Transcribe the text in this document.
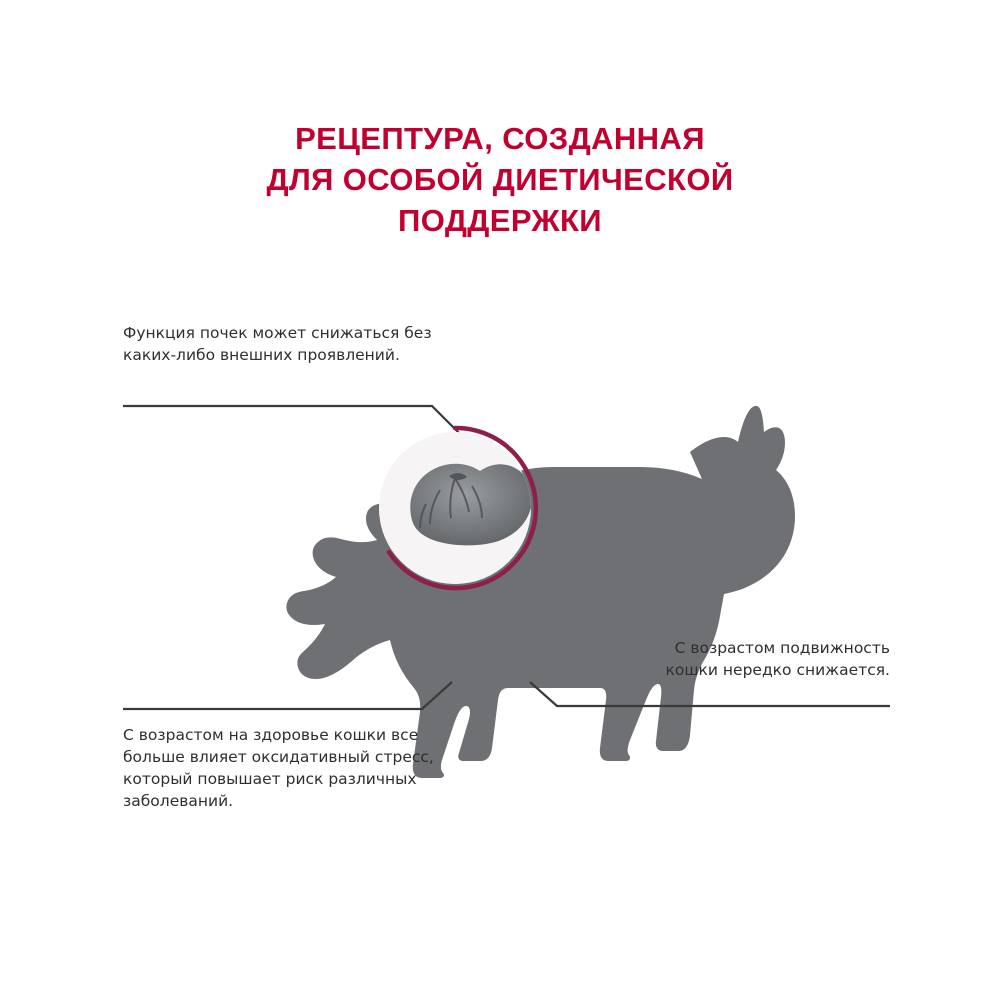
РЕЦЕПТУРА, СОЗДАННАЯ
ДЛЯ ОСОБОЙ ДИЕТИЧЕСКОЙ
ПОДДЕРЖКИ
Функция почек может снижаться без каких-либо внешних проявлений.
С возрастом на здоровье кошки все больше влияет оксидативный стресс, который повышает риск различных заболеваний.
С возрастом подвижность кошки нередко снижается.
